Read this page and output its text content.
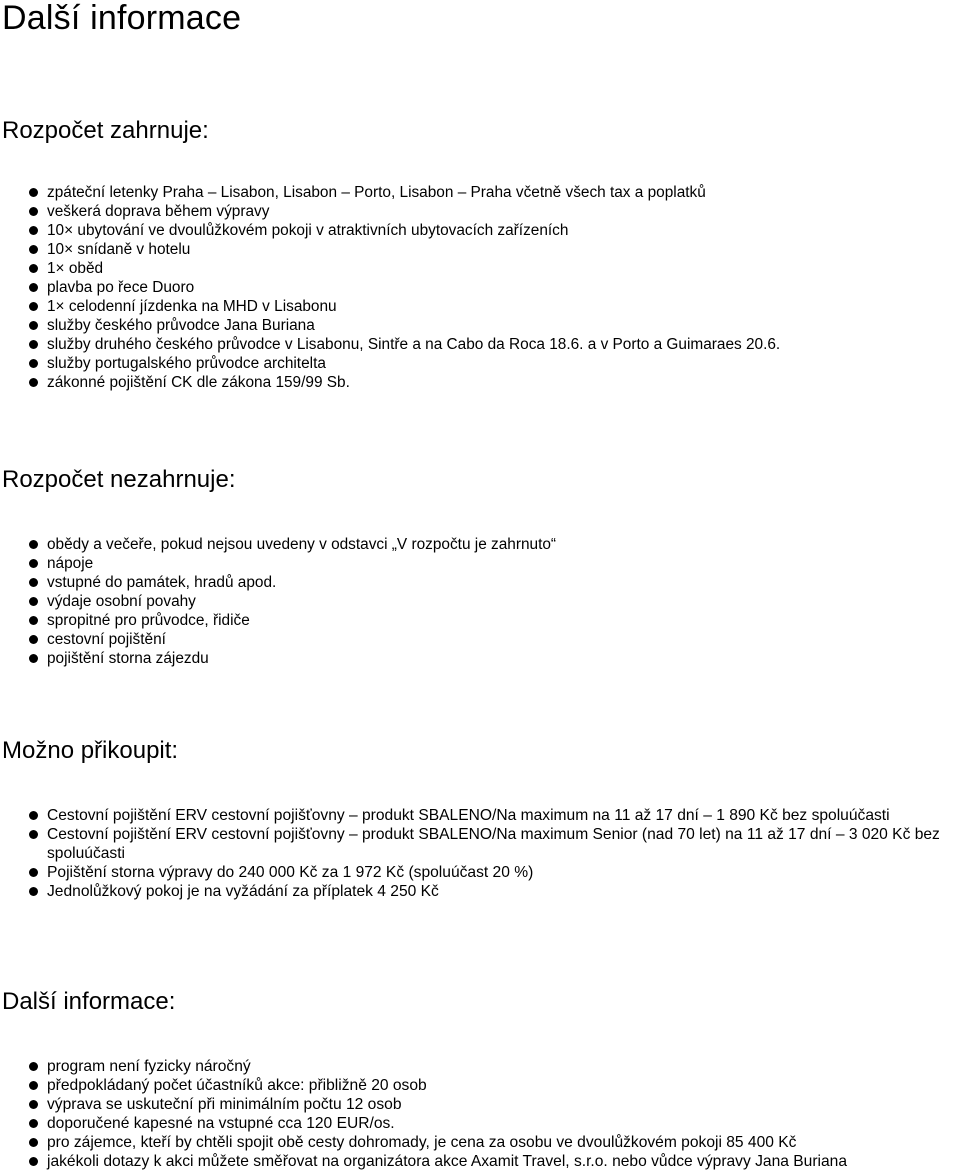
Další informace
Rozpočet zahrnuje:
zpáteční letenky Praha – Lisabon, Lisabon – Porto, Lisabon – Praha včetně všech tax a poplatků
veškerá doprava během výpravy
10× ubytování ve dvoulůžkovém pokoji v atraktivních ubytovacích zařízeních
10× snídaně v hotelu
1× oběd
plavba po řece Duoro
1× celodenní jízdenka na MHD v Lisabonu
služby českého průvodce Jana Buriana
služby druhého českého průvodce v Lisabonu, Sintře a na Cabo da Roca 18.6. a v Porto a Guimaraes 20.6.
služby portugalského průvodce architelta
zákonné pojištění CK dle zákona 159/99 Sb.
Rozpočet nezahrnuje:
obědy a večeře, pokud nejsou uvedeny v odstavci „V rozpočtu je zahrnuto“
nápoje
vstupné do památek, hradů apod.
výdaje osobní povahy
spropitné pro průvodce, řidiče
cestovní pojištění
pojištění storna zájezdu
Možno přikoupit:
Cestovní pojištění ERV cestovní pojišťovny – produkt SBALENO/Na maximum na 11 až 17 dní – 1 890 Kč bez spoluúčasti
Cestovní pojištění ERV cestovní pojišťovny – produkt SBALENO/Na maximum Senior (nad 70 let) na 11 až 17 dní – 3 020 Kč bez spoluúčasti
Pojištění storna výpravy do 240 000 Kč za 1 972 Kč (spoluúčast 20 %)
Jednolůžkový pokoj je na vyžádání za příplatek 4 250 Kč
Další informace:
program není fyzicky náročný
předpokládaný počet účastníků akce: přibližně 20 osob
výprava se uskuteční při minimálním počtu 12 osob
doporučené kapesné na vstupné cca 120 EUR/os.
pro zájemce, kteří by chtěli spojit obě cesty dohromady, je cena za osobu ve dvoulůžkovém pokoji 85 400 Kč
jakékoli dotazy k akci můžete směřovat na organizátora akce Axamit Travel, s.r.o. nebo vůdce výpravy Jana Buriana
